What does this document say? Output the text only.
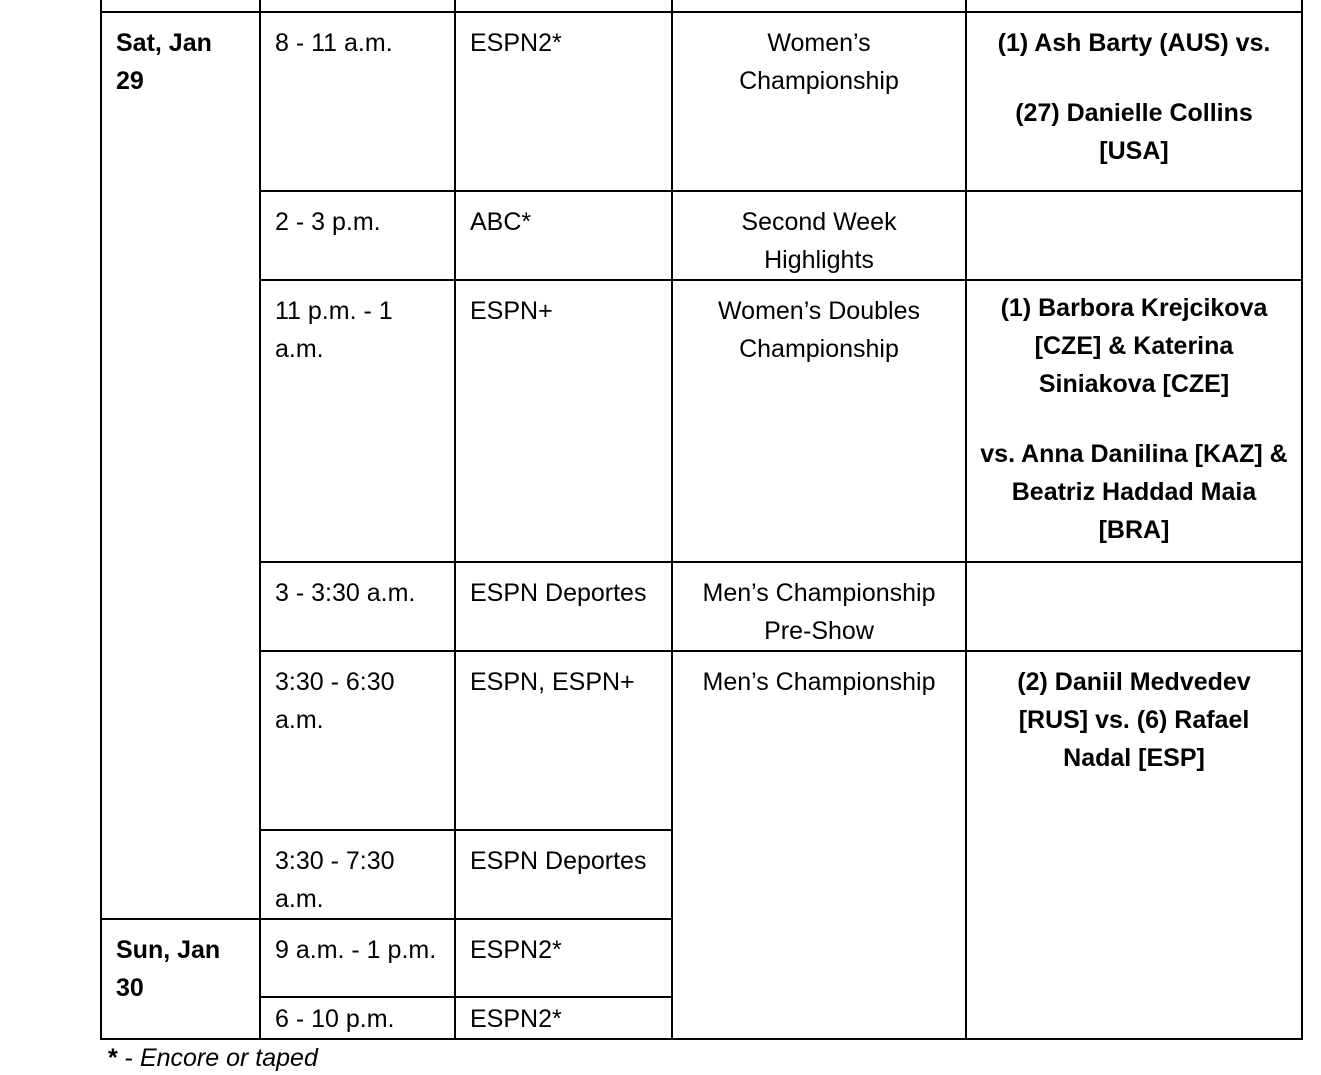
Sat, Jan 29	8 - 11 a.m.	ESPN2*	Women’s Championship	(1) Ash Barty (AUS) vs.
(27) Danielle Collins [USA]

	2 - 3 p.m.	ABC*	Second Week Highlights	
	11 p.m. - 1 a.m.	ESPN+	Women’s Doubles Championship	(1) Barbora Krejcikova [CZE] & Katerina Siniakova [CZE]
vs. Anna Danilina [KAZ] & Beatriz Haddad Maia [BRA]

	3 - 3:30 a.m.	ESPN Deportes	Men’s Championship Pre-Show	
	3:30 - 6:30 a.m.	ESPN, ESPN+	Men’s Championship	(2) Daniil Medvedev [RUS] vs. (6) Rafael Nadal [ESP]

	3:30 - 7:30 a.m.	ESPN Deportes		
Sun, Jan 30	9 a.m. - 1 p.m.	ESPN2*		
	6 - 10 p.m.	ESPN2*		

* - Encore or taped
